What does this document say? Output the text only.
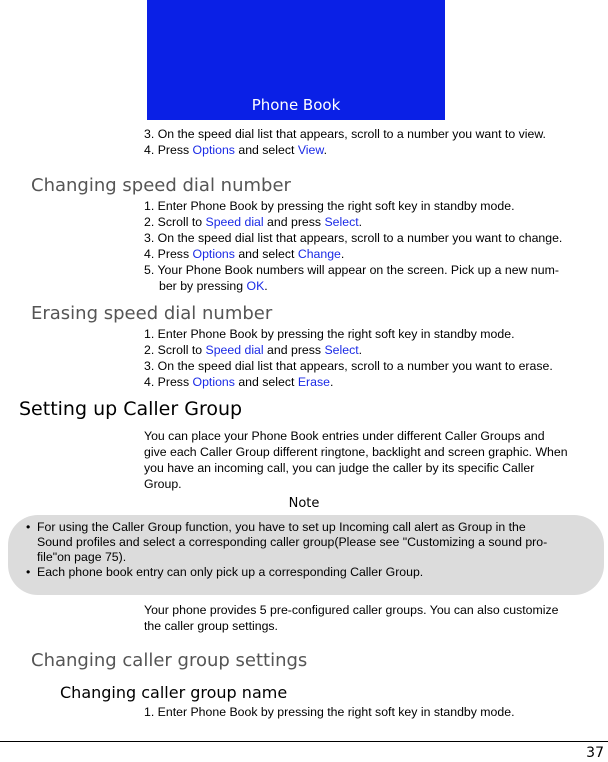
Phone Book
3. On the speed dial list that appears, scroll to a number you want to view.
4. Press Options and select View.
Changing speed dial number
1. Enter Phone Book by pressing the right soft key in standby mode.
2. Scroll to Speed dial and press Select.
3. On the speed dial list that appears, scroll to a number you want to change.
4. Press Options and select Change.
5. Your Phone Book numbers will appear on the screen. Pick up a new num-
ber by pressing OK.
Erasing speed dial number
1. Enter Phone Book by pressing the right soft key in standby mode.
2. Scroll to Speed dial and press Select.
3. On the speed dial list that appears, scroll to a number you want to erase.
4. Press Options and select Erase.
Setting up Caller Group
You can place your Phone Book entries under different Caller Groups and
give each Caller Group different ringtone, backlight and screen graphic. When
you have an incoming call, you can judge the caller by its specific Caller
Group.
Note
• For using the Caller Group function, you have to set up Incoming call alert as Group in the
Sound profiles and select a corresponding caller group(Please see "Customizing a sound pro-
file"on page 75).
• Each phone book entry can only pick up a corresponding Caller Group.
Your phone provides 5 pre-configured caller groups. You can also customize
the caller group settings.
Changing caller group settings
Changing caller group name
1. Enter Phone Book by pressing the right soft key in standby mode.
37
